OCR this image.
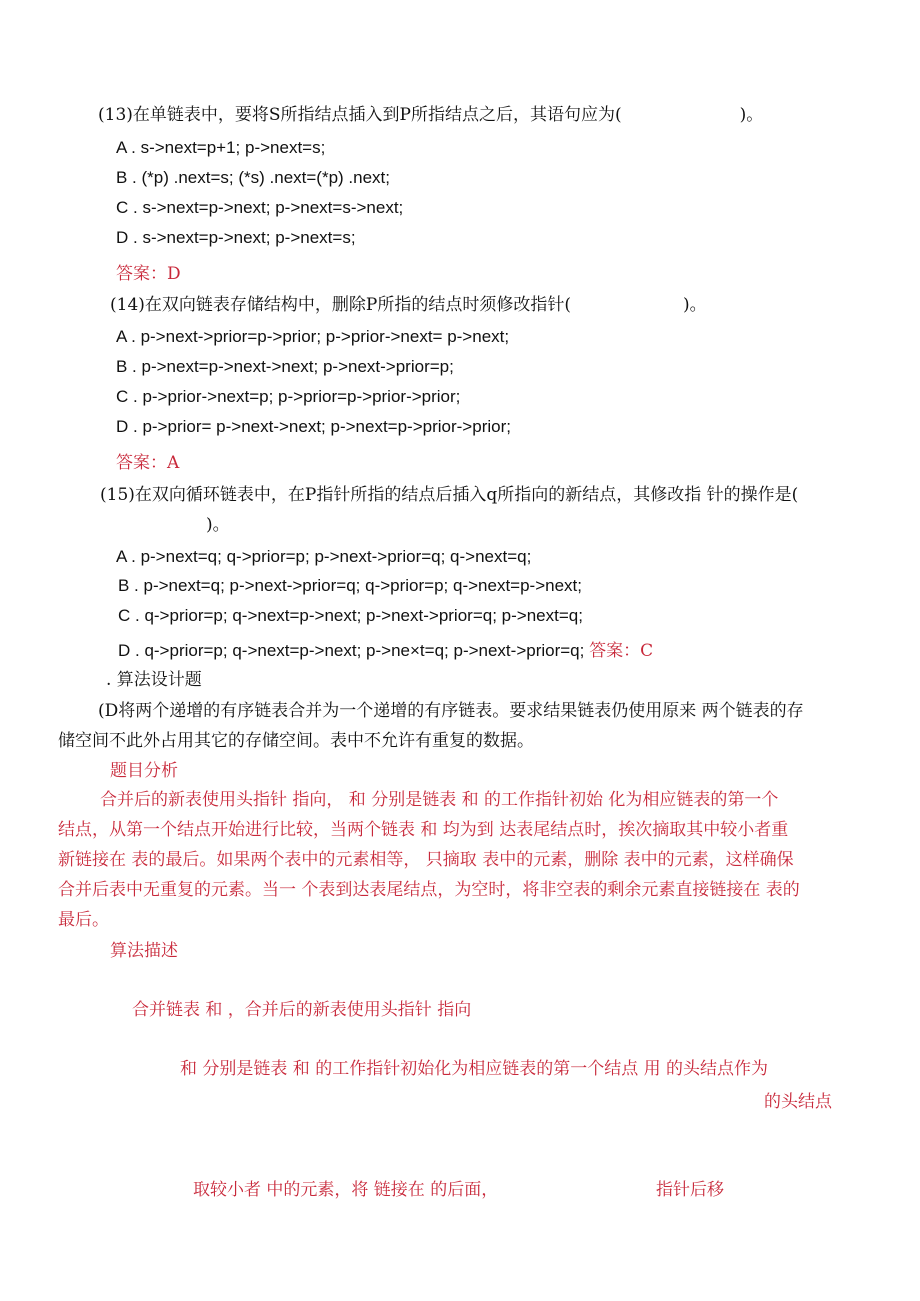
(13)在单链表中，要将S所指结点插入到P所指结点之后，其语句应为(	)。
A . s->next=p+1; p->next=s;
B . (*p) .next=s; (*s) .next=(*p) .next;
C . s->next=p->next; p->next=s->next;
D . s->next=p->next; p->next=s;
答案：D
(14)在双向链表存储结构中，删除P所指的结点时须修改指针(	)。
A . p->next->prior=p->prior; p->prior->next= p->next;
B . p->next=p->next->next; p->next->prior=p;
C . p->prior->next=p; p->prior=p->prior->prior;
D . p->prior= p->next->next; p->next=p->prior->prior;
答案：A
(15)在双向循环链表中，在P指针所指的结点后插入q所指向的新结点，其修改指 针的操作是(
)。
A . p->next=q; q->prior=p; p->next->prior=q; q->next=q;
B . p->next=q; p->next->prior=q; q->prior=p; q->next=p->next;
C . q->prior=p; q->next=p->next; p->next->prior=q; p->next=q;
D . q->prior=p; q->next=p->next; p->ne×t=q; p->next->prior=q; 答案：C
. 算法设计题
(D将两个递增的有序链表合并为一个递增的有序链表。要求结果链表仍使用原来 两个链表的存
储空间不此外占用其它的存储空间。表中不允许有重复的数据。
题目分析
合并后的新表使用头指针 指向， 和 分别是链表 和 的工作指针初始 化为相应链表的第一个
结点，从第一个结点开始进行比较，当两个链表 和 均为到 达表尾结点时，挨次摘取其中较小者重
新链接在 表的最后。如果两个表中的元素相等， 只摘取 表中的元素，删除 表中的元素，这样确保
合并后表中无重复的元素。当一 个表到达表尾结点，为空时，将非空表的剩余元素直接链接在 表的
最后。
算法描述
合并链表 和 ，合并后的新表使用头指针 指向
和 分别是链表 和 的工作指针初始化为相应链表的第一个结点 用 的头结点作为
的头结点
取较小者 中的元素，将 链接在 的后面，	指针后移
